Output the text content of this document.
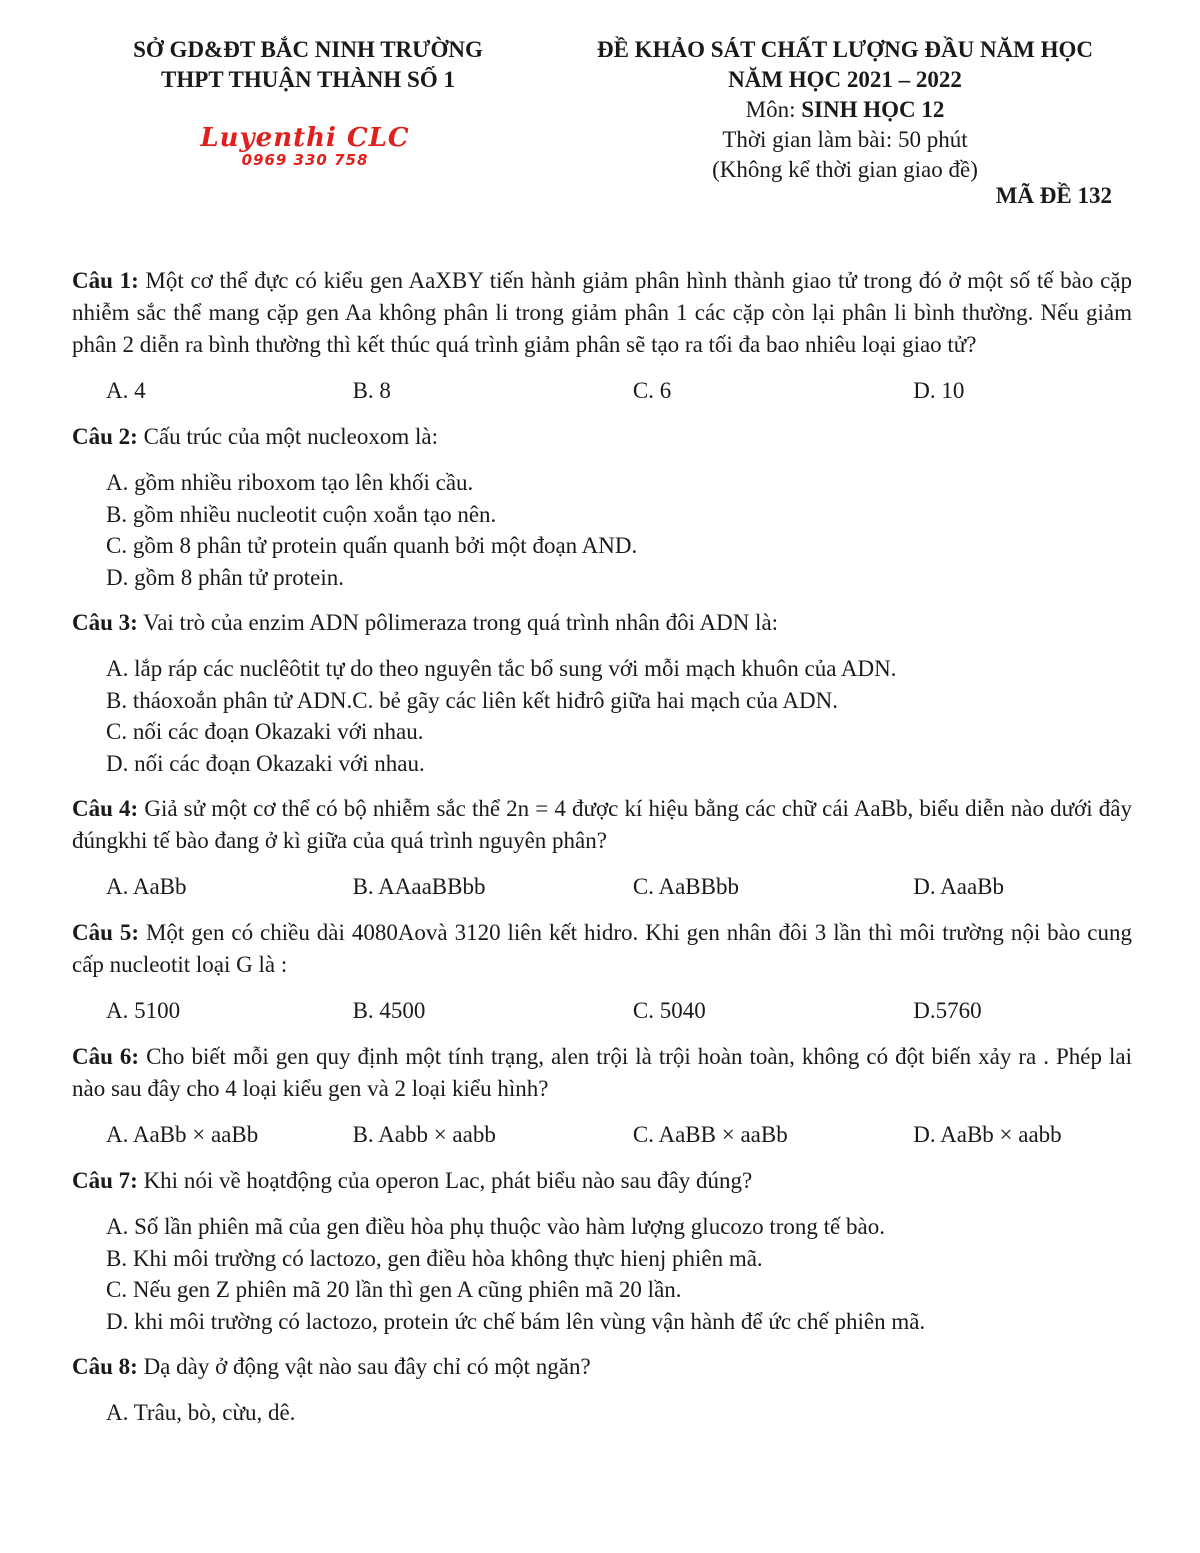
SỞ GD&ĐT BẮC NINH TRƯỜNG
THPT THUẬN THÀNH SỐ 1
Luyenthi CLC
0969 330 758
ĐỀ KHẢO SÁT CHẤT LƯỢNG ĐẦU NĂM HỌC
NĂM HỌC 2021 – 2022
Môn: SINH HỌC 12
Thời gian làm bài: 50 phút
(Không kể thời gian giao đề)
MÃ ĐỀ 132
Câu 1: Một cơ thể đực có kiểu gen AaXBY tiến hành giảm phân hình thành giao tử trong đó ở một số tế bào cặp nhiễm sắc thể mang cặp gen Aa không phân li trong giảm phân 1 các cặp còn lại phân li bình thường. Nếu giảm phân 2 diễn ra bình thường thì kết thúc quá trình giảm phân sẽ tạo ra tối đa bao nhiêu loại giao tử?
A. 4	B. 8	C. 6	D. 10
Câu 2: Cấu trúc của một nucleoxom là:
A. gồm nhiều riboxom tạo lên khối cầu.
B. gồm nhiều nucleotit cuộn xoắn tạo nên.
C. gồm 8 phân tử protein quấn quanh bởi một đoạn AND.
D. gồm 8 phân tử protein.
Câu 3: Vai trò của enzim ADN pôlimeraza trong quá trình nhân đôi ADN là:
A. lắp ráp các nuclêôtit tự do theo nguyên tắc bổ sung với mỗi mạch khuôn của ADN.
B. tháoxoắn phân tử ADN.C. bẻ gãy các liên kết hiđrô giữa hai mạch của ADN.
C. nối các đoạn Okazaki với nhau.
D. nối các đoạn Okazaki với nhau.
Câu 4: Giả sử một cơ thể có bộ nhiễm sắc thể 2n = 4 được kí hiệu bằng các chữ cái AaBb, biểu diễn nào dưới đây đúngkhi tế bào đang ở kì giữa của quá trình nguyên phân?
A. AaBb	B. AAaaBBbb	C. AaBBbb	D. AaaBb
Câu 5: Một gen có chiều dài 4080Aovà 3120 liên kết hidro. Khi gen nhân đôi 3 lần thì môi trường nội bào cung cấp nucleotit loại G là :
A. 5100	B. 4500	C. 5040	D.5760
Câu 6: Cho biết mỗi gen quy định một tính trạng, alen trội là trội hoàn toàn, không có đột biến xảy ra . Phép lai nào sau đây cho 4 loại kiểu gen và 2 loại kiểu hình?
A. AaBb × aaBb	B. Aabb × aabb	C. AaBB × aaBb	D. AaBb × aabb
Câu 7: Khi nói về hoạtđộng của operon Lac, phát biểu nào sau đây đúng?
A. Số lần phiên mã của gen điều hòa phụ thuộc vào hàm lượng glucozo trong tế bào.
B. Khi môi trường có lactozo, gen điều hòa không thực hienj phiên mã.
C. Nếu gen Z phiên mã 20 lần thì gen A cũng phiên mã 20 lần.
D. khi môi trường có lactozo, protein ức chế bám lên vùng vận hành để ức chế phiên mã.
Câu 8: Dạ dày ở động vật nào sau đây chỉ có một ngăn?
A. Trâu, bò, cừu, dê.
